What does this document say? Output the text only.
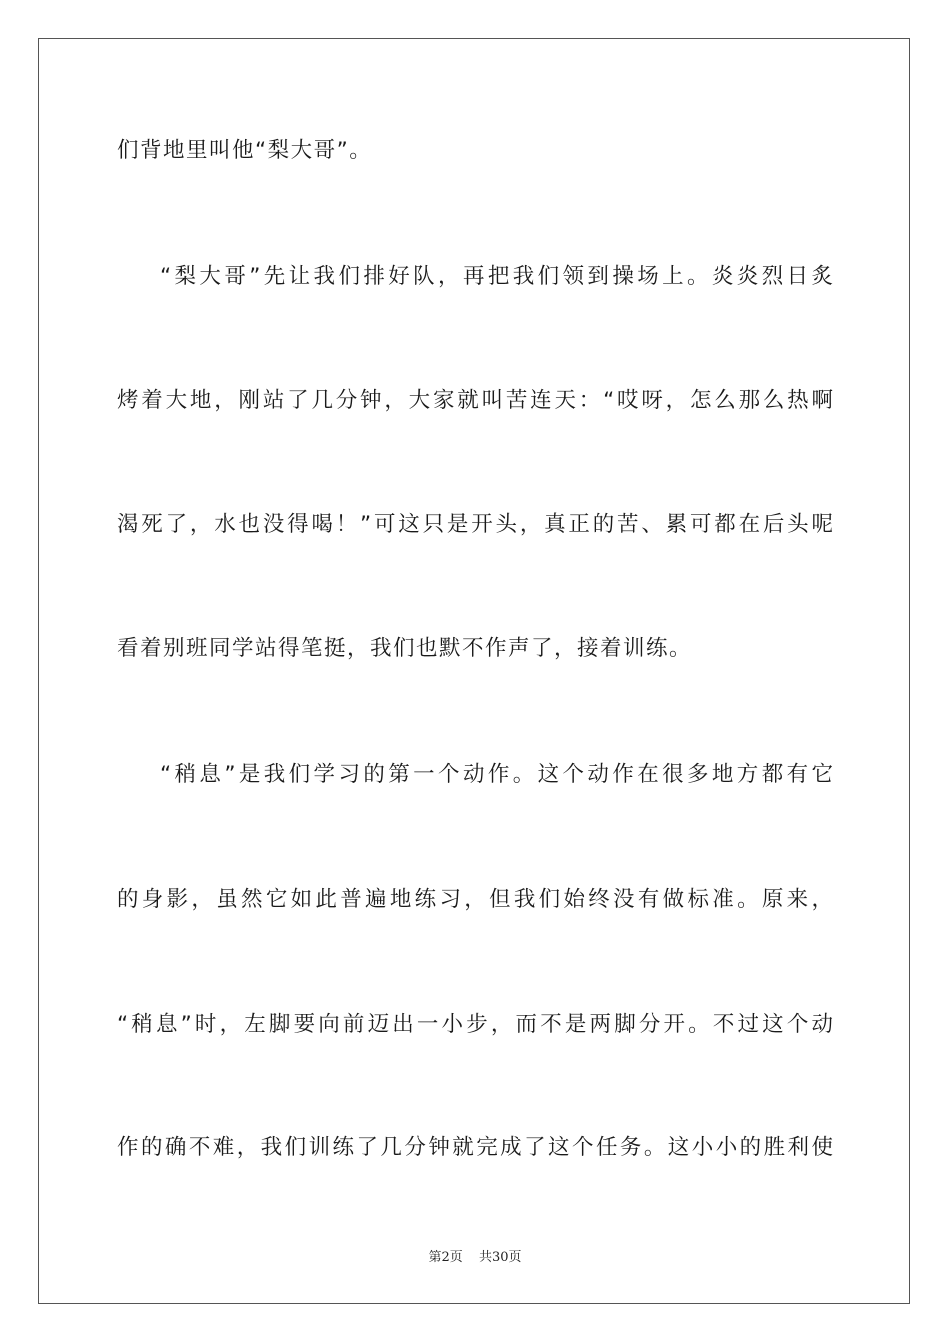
们背地里叫他“梨大哥”。
“梨大哥”先让我们排好队，再把我们领到操场上。炎炎烈日炙
烤着大地，刚站了几分钟，大家就叫苦连天：“哎呀，怎么那么热啊
渴死了，水也没得喝！”可这只是开头，真正的苦、累可都在后头呢
看着别班同学站得笔挺，我们也默不作声了，接着训练。
“稍息”是我们学习的第一个动作。这个动作在很多地方都有它
的身影，虽然它如此普遍地练习，但我们始终没有做标准。原来，
“稍息”时，左脚要向前迈出一小步，而不是两脚分开。不过这个动
作的确不难，我们训练了几分钟就完成了这个任务。这小小的胜利使
第2页 共30页
